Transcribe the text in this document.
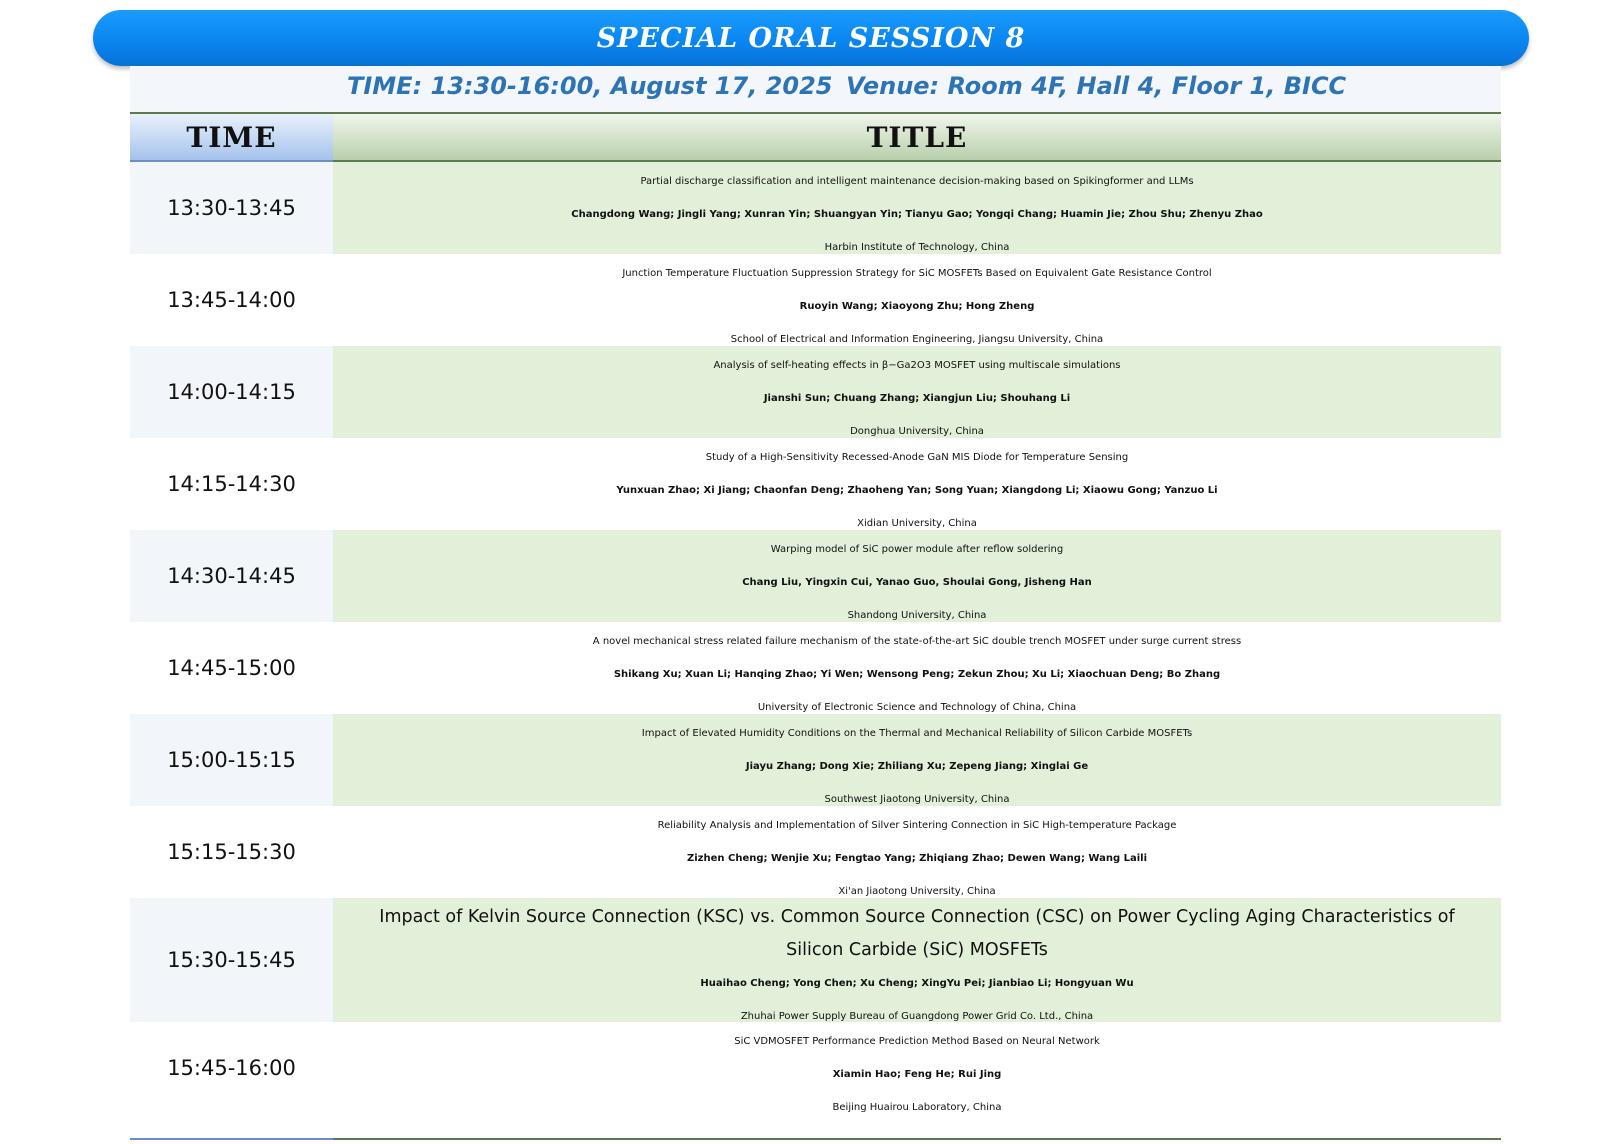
SPECIAL ORAL SESSION 8
TIME: 13:30-16:00, August 17, 2025 Venue: Room 4F, Hall 4, Floor 1, BICC
TIME	TITLE
13:30-13:45
Partial discharge classification and intelligent maintenance decision-making based on Spikingformer and LLMs
Changdong Wang; Jingli Yang; Xunran Yin; Shuangyan Yin; Tianyu Gao; Yongqi Chang; Huamin Jie; Zhou Shu; Zhenyu Zhao
Harbin Institute of Technology, China
13:45-14:00
Junction Temperature Fluctuation Suppression Strategy for SiC MOSFETs Based on Equivalent Gate Resistance Control
Ruoyin Wang; Xiaoyong Zhu; Hong Zheng
School of Electrical and Information Engineering, Jiangsu University, China
14:00-14:15
Analysis of self-heating effects in β−Ga2O3 MOSFET using multiscale simulations
Jianshi Sun; Chuang Zhang; Xiangjun Liu; Shouhang Li
Donghua University, China
14:15-14:30
Study of a High-Sensitivity Recessed-Anode GaN MIS Diode for Temperature Sensing
Yunxuan Zhao; Xi Jiang; Chaonfan Deng; Zhaoheng Yan; Song Yuan; Xiangdong Li; Xiaowu Gong; Yanzuo Li
Xidian University, China
14:30-14:45
Warping model of SiC power module after reflow soldering
Chang Liu, Yingxin Cui, Yanao Guo, Shoulai Gong, Jisheng Han
Shandong University, China
14:45-15:00
A novel mechanical stress related failure mechanism of the state-of-the-art SiC double trench MOSFET under surge current stress
Shikang Xu; Xuan Li; Hanqing Zhao; Yi Wen; Wensong Peng; Zekun Zhou; Xu Li; Xiaochuan Deng; Bo Zhang
University of Electronic Science and Technology of China, China
15:00-15:15
Impact of Elevated Humidity Conditions on the Thermal and Mechanical Reliability of Silicon Carbide MOSFETs
Jiayu Zhang; Dong Xie; Zhiliang Xu; Zepeng Jiang; Xinglai Ge
Southwest Jiaotong University, China
15:15-15:30
Reliability Analysis and Implementation of Silver Sintering Connection in SiC High-temperature Package
Zizhen Cheng; Wenjie Xu; Fengtao Yang; Zhiqiang Zhao; Dewen Wang; Wang Laili
Xi'an Jiaotong University, China
15:30-15:45
Impact of Kelvin Source Connection (KSC) vs. Common Source Connection (CSC) on Power Cycling Aging Characteristics of Silicon Carbide (SiC) MOSFETs
Huaihao Cheng; Yong Chen; Xu Cheng; XingYu Pei; Jianbiao Li; Hongyuan Wu
Zhuhai Power Supply Bureau of Guangdong Power Grid Co. Ltd., China
15:45-16:00
SiC VDMOSFET Performance Prediction Method Based on Neural Network
Xiamin Hao; Feng He; Rui Jing
Beijing Huairou Laboratory, China
